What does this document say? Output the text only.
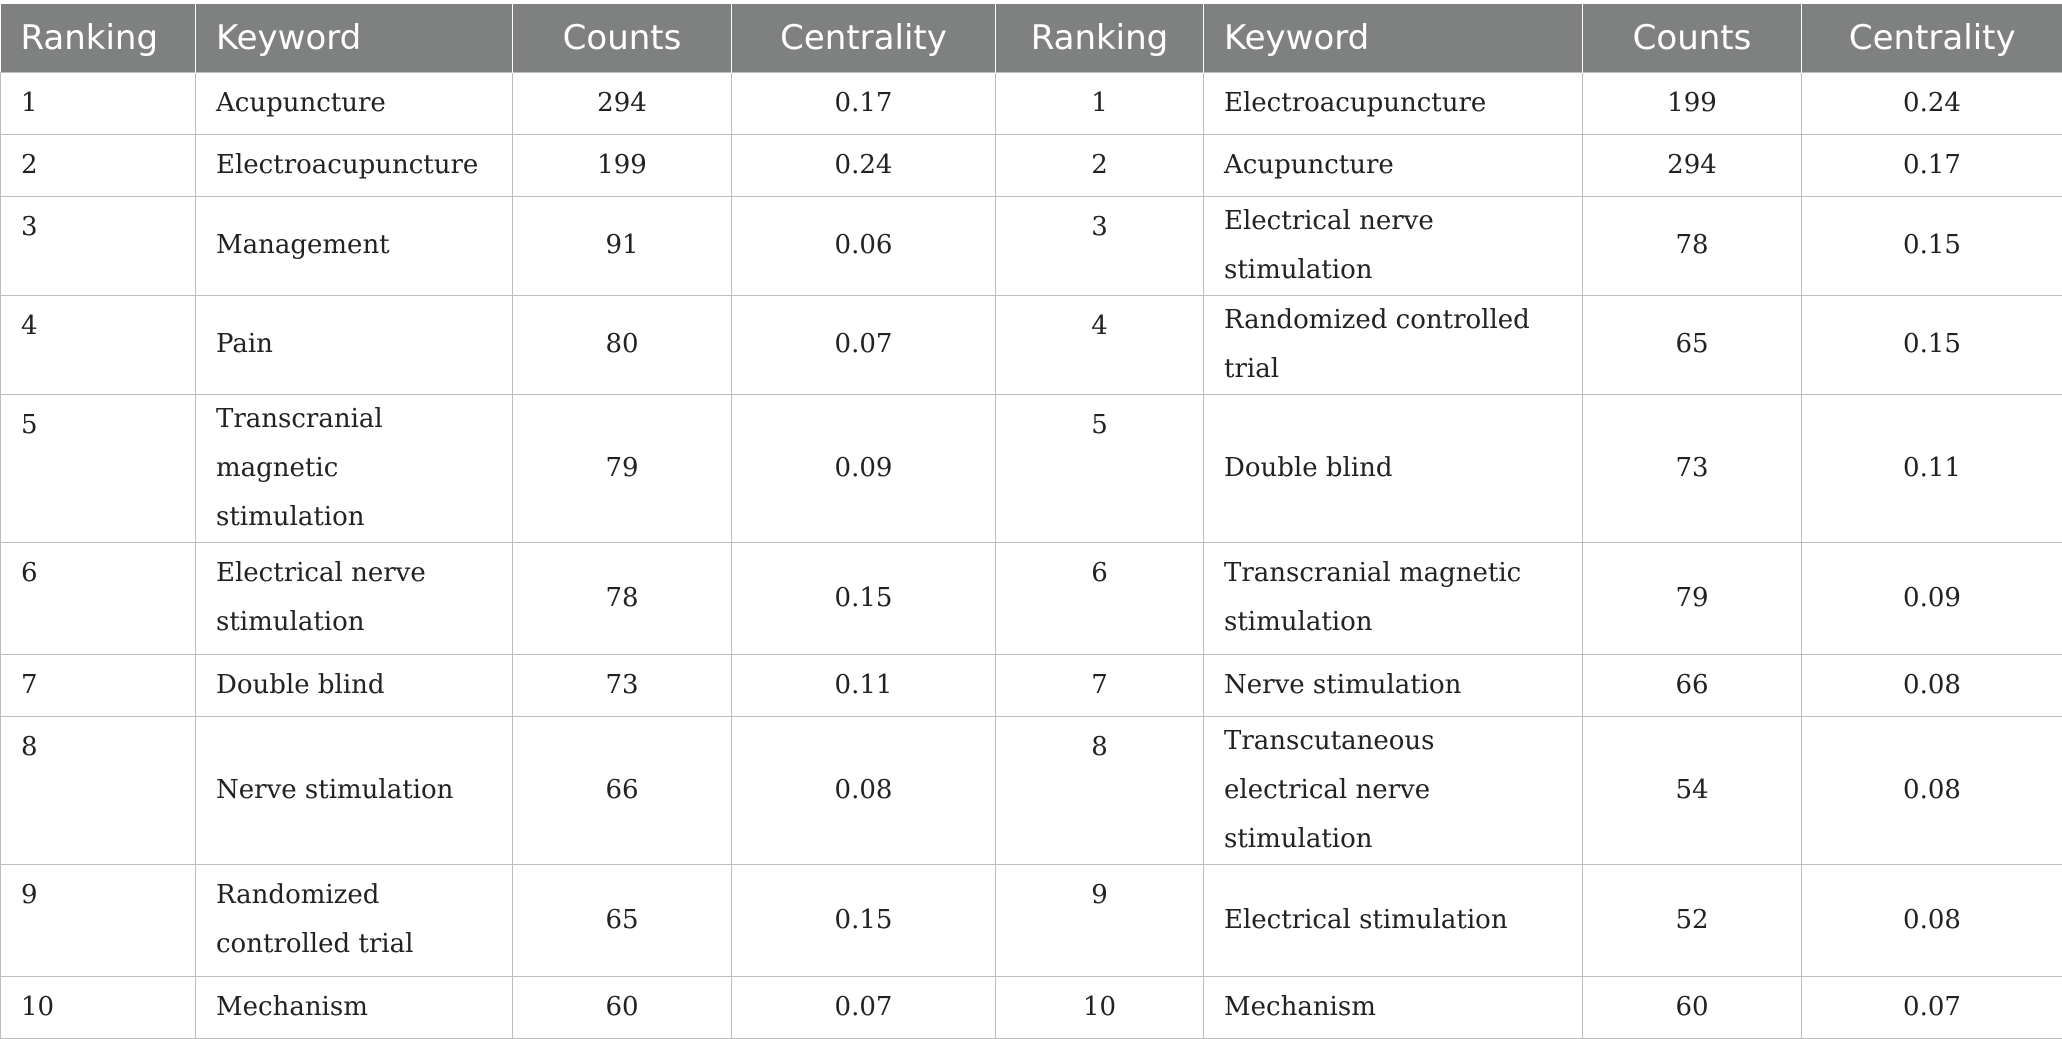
Ranking	Keyword	Counts	Centrality	Ranking	Keyword	Counts	Centrality
1	Acupuncture	294	0.17	1	Electroacupuncture	199	0.24
2	Electroacupuncture	199	0.24	2	Acupuncture	294	0.17
3	Management	91	0.06	3	Electrical nerve stimulation	78	0.15
4	Pain	80	0.07	4	Randomized controlled trial	65	0.15
5	Transcranial magnetic stimulation	79	0.09	5	Double blind	73	0.11
6	Electrical nerve stimulation	78	0.15	6	Transcranial magnetic stimulation	79	0.09
7	Double blind	73	0.11	7	Nerve stimulation	66	0.08
8	Nerve stimulation	66	0.08	8	Transcutaneous electrical nerve stimulation	54	0.08
9	Randomized controlled trial	65	0.15	9	Electrical stimulation	52	0.08
10	Mechanism	60	0.07	10	Mechanism	60	0.07
